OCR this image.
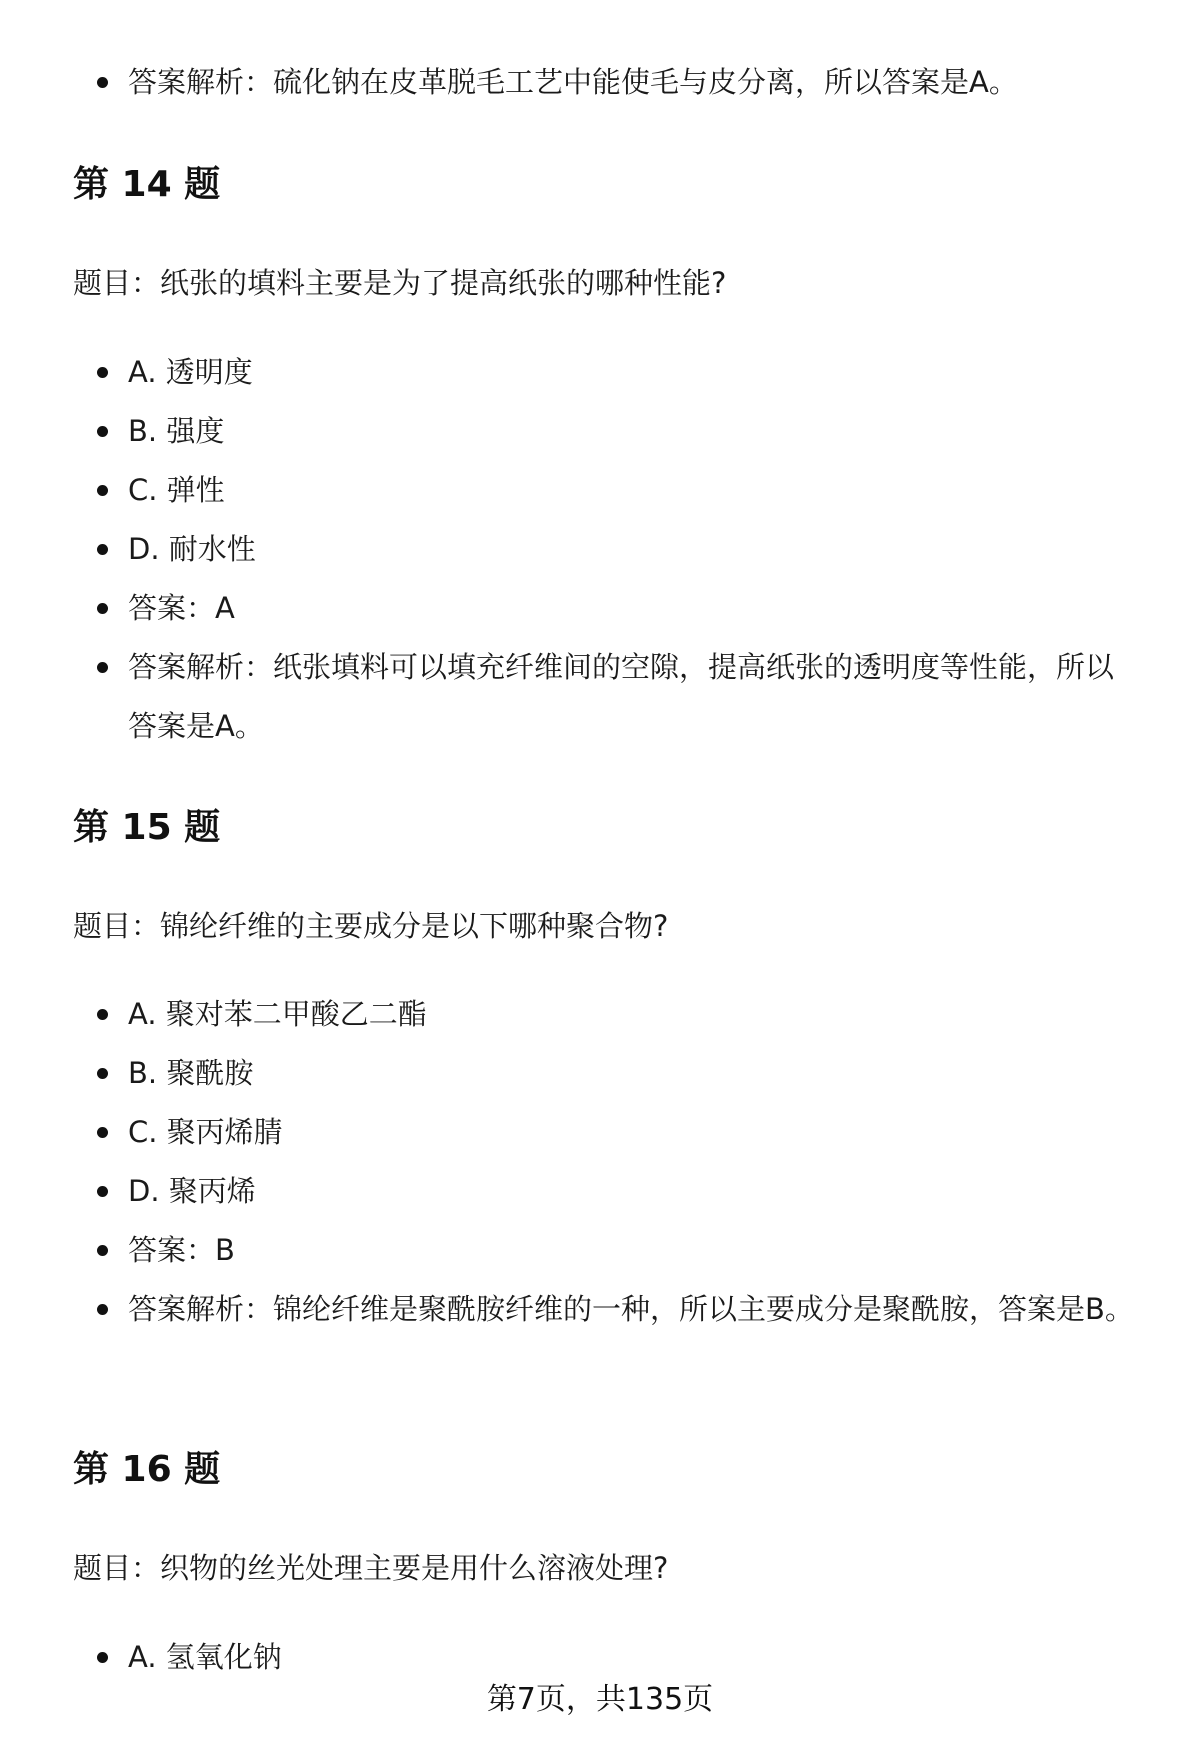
答案解析：硫化钠在皮革脱毛工艺中能使毛与皮分离，所以答案是A。
第 14 题
题目：纸张的填料主要是为了提高纸张的哪种性能?
A. 透明度
B. 强度
C. 弹性
D. 耐水性
答案：A
答案解析：纸张填料可以填充纤维间的空隙，提高纸张的透明度等性能，所以答案是A。
第 15 题
题目：锦纶纤维的主要成分是以下哪种聚合物?
A. 聚对苯二甲酸乙二酯
B. 聚酰胺
C. 聚丙烯腈
D. 聚丙烯
答案：B
答案解析：锦纶纤维是聚酰胺纤维的一种，所以主要成分是聚酰胺，答案是B。
第 16 题
题目：织物的丝光处理主要是用什么溶液处理?
A. 氢氧化钠
第7页，共135页
